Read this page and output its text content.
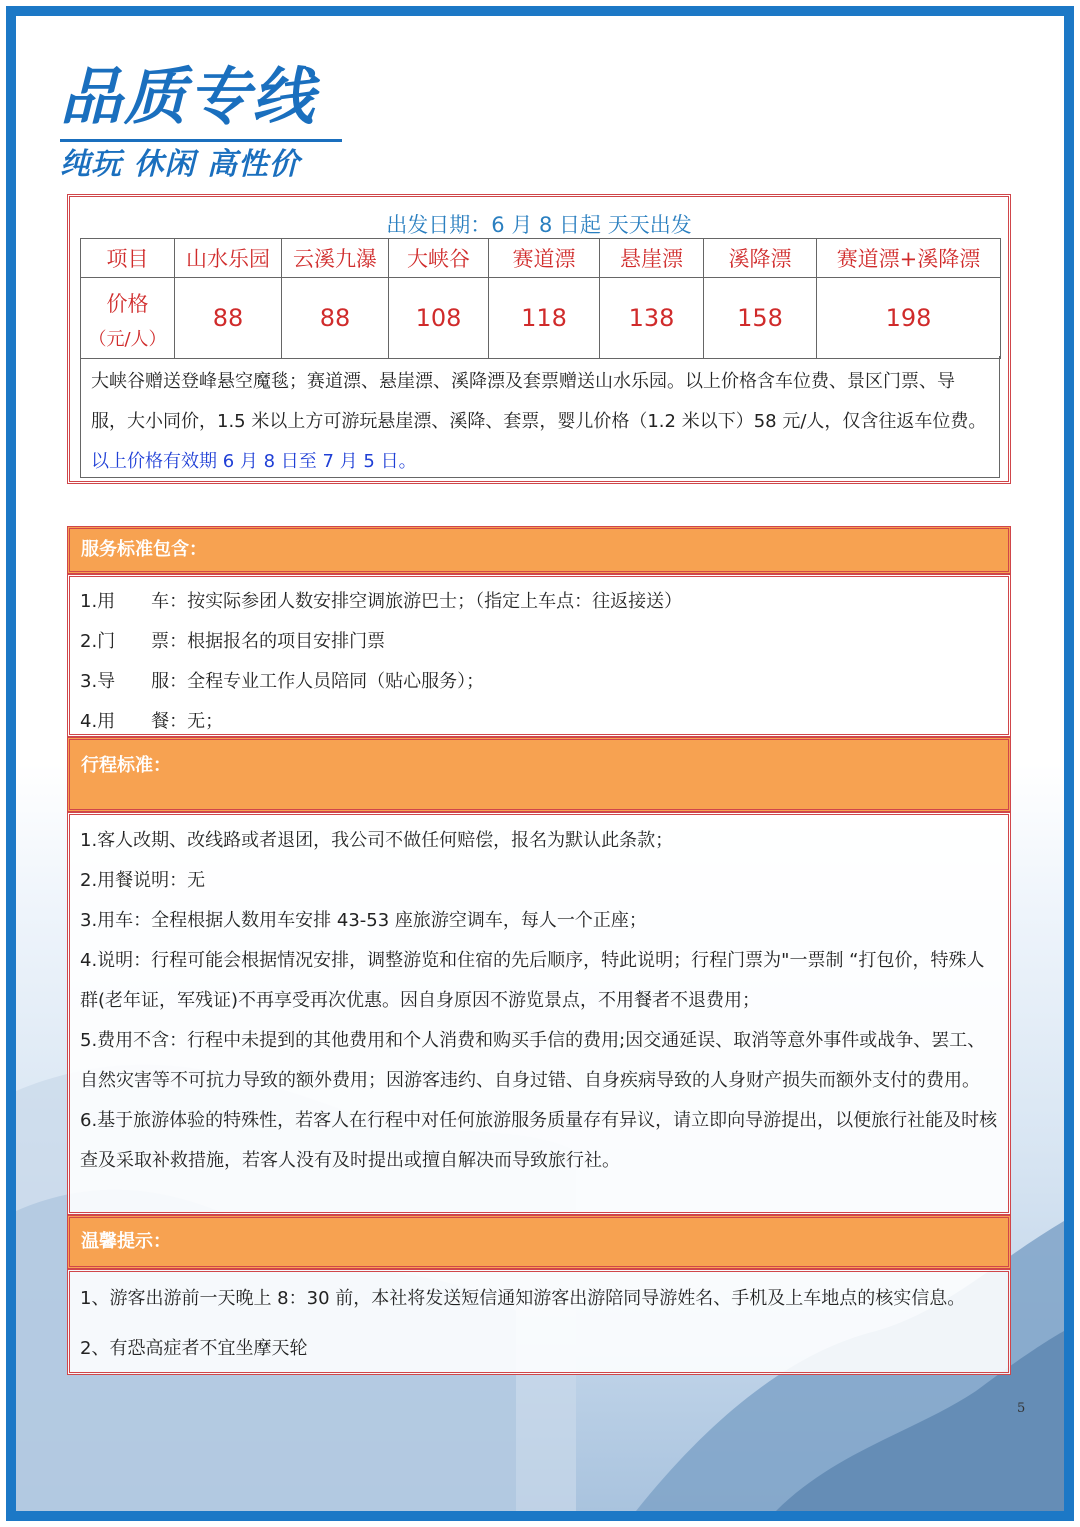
品质专线
纯玩 休闲 高性价
出发日期：6 月 8 日起 天天出发
项目	山水乐园	云溪九瀑	大峡谷	赛道漂	悬崖漂	溪降漂	赛道漂+溪降漂

价格
（元/人）	88	88	108	118	138	158	198
大峡谷赠送登峰悬空魔毯；赛道漂、悬崖漂、溪降漂及套票赠送山水乐园。以上价格含车位费、景区门票、导服，大小同价，1.5 米以上方可游玩悬崖漂、溪降、套票，婴儿价格（1.2 米以下）58 元/人，仅含往返车位费。以上价格有效期 6 月 8 日至 7 月 5 日。
服务标准包含：

1.用　　车：按实际参团人数安排空调旅游巴士；（指定上车点：往返接送）

2.门　　票：根据报名的项目安排门票

3.导　　服：全程专业工作人员陪同（贴心服务）；

4.用　　餐：无；

行程标准：

1.客人改期、改线路或者退团，我公司不做任何赔偿，报名为默认此条款；

2.用餐说明：无

3.用车：全程根据人数用车安排 43-53 座旅游空调车，每人一个正座；

4.说明：行程可能会根据情况安排，调整游览和住宿的先后顺序，特此说明；行程门票为"一票制 “打包价，特殊人群(老年证，军残证)不再享受再次优惠。因自身原因不游览景点，不用餐者不退费用；

5.费用不含：行程中未提到的其他费用和个人消费和购买手信的费用;因交通延误、取消等意外事件或战争、罢工、自然灾害等不可抗力导致的额外费用；因游客违约、自身过错、自身疾病导致的人身财产损失而额外支付的费用。

6.基于旅游体验的特殊性，若客人在行程中对任何旅游服务质量存有异议，请立即向导游提出，以便旅行社能及时核查及采取补救措施，若客人没有及时提出或擅自解决而导致旅行社。

温馨提示：

1、游客出游前一天晚上 8：30 前，本社将发送短信通知游客出游陪同导游姓名、手机及上车地点的核实信息。

2、有恐高症者不宜坐摩天轮

5
